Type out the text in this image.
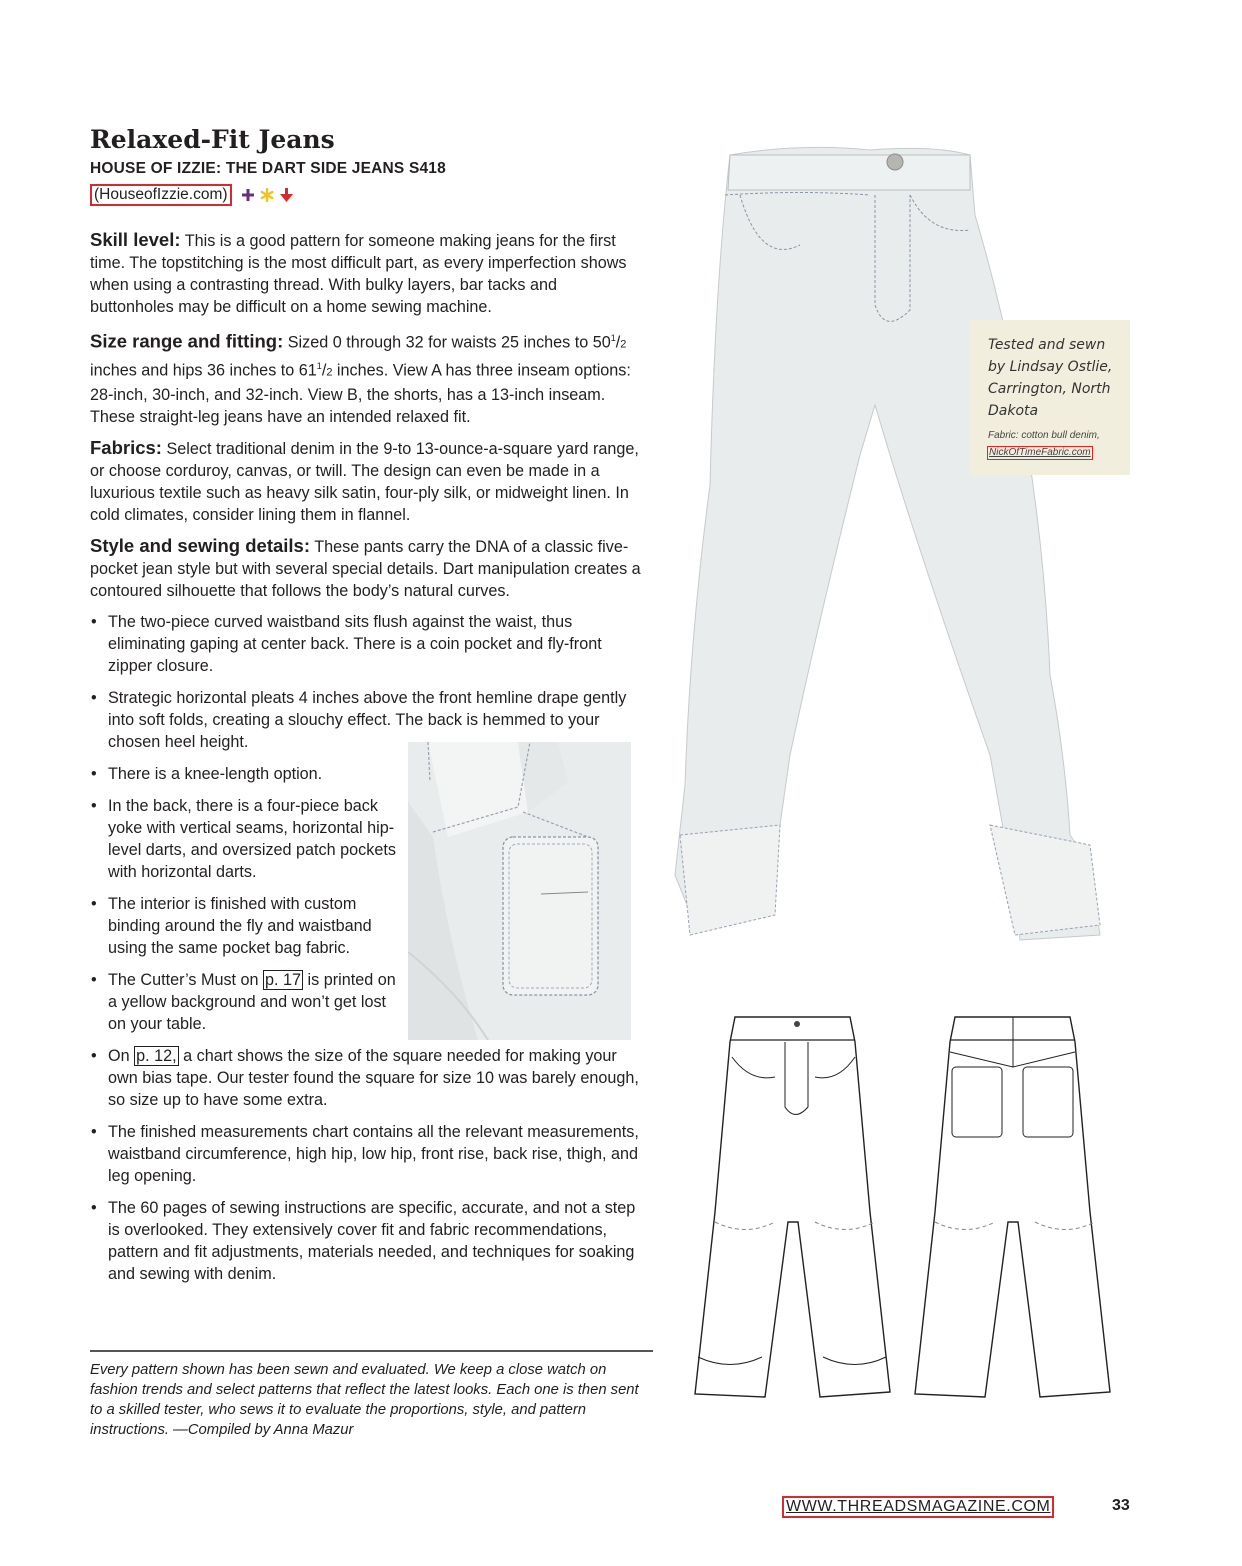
Relaxed-Fit Jeans
HOUSE OF IZZIE: THE DART SIDE JEANS S418
(HouseofIzzie.com)

Skill level: This is a good pattern for someone making jeans for the first time. The topstitching is the most difficult part, as every imperfection shows when using a contrasting thread. With bulky layers, bar tacks and buttonholes may be difficult on a home sewing machine.

Size range and fitting: Sized 0 through 32 for waists 25 inches to $50^1/2$ inches and hips 36 inches to $61^1/2$ inches. View A has three inseam options: 28-inch, 30-inch, and 32-inch. View B, the shorts, has a 13-inch inseam. These straight-leg jeans have an intended relaxed fit.

Fabrics: Select traditional denim in the 9-to 13-ounce-a-square yard range, or choose corduroy, canvas, or twill. The design can even be made in a luxurious textile such as heavy silk satin, four-ply silk, or midweight linen. In cold climates, consider lining them in flannel.

Style and sewing details: These pants carry the DNA of a classic five-pocket jean style but with several special details. Dart manipulation creates a contoured silhouette that follows the body’s natural curves.

• The two-piece curved waistband sits flush against the waist, thus eliminating gaping at center back. There is a coin pocket and fly-front zipper closure.
• Strategic horizontal pleats 4 inches above the front hemline drape gently into soft folds, creating a slouchy effect. The back is hemmed to your chosen heel height.
• There is a knee-length option.
• In the back, there is a four-piece back yoke with vertical seams, horizontal hip-level darts, and oversized patch pockets with horizontal darts.
• The interior is finished with custom binding around the fly and waistband using the same pocket bag fabric.
• The Cutter’s Must on p. 17 is printed on a yellow background and won’t get lost on your table.
• On p. 12, a chart shows the size of the square needed for making your own bias tape. Our tester found the square for size 10 was barely enough, so size up to have some extra.
• The finished measurements chart contains all the relevant measurements, waistband circumference, high hip, low hip, front rise, back rise, thigh, and leg opening.
• The 60 pages of sewing instructions are specific, accurate, and not a step is overlooked. They extensively cover fit and fabric recommendations, pattern and fit adjustments, materials needed, and techniques for soaking and sewing with denim.
Tested and sewn by Lindsay Ostlie, Carrington, North Dakota
Fabric: cotton bull denim,
NickOfTimeFabric.com
Every pattern shown has been sewn and evaluated. We keep a close watch on fashion trends and select patterns that reflect the latest looks. Each one is then sent to a skilled tester, who sews it to evaluate the proportions, style, and pattern instructions. —Compiled by Anna Mazur
WWW.THREADSMAGAZINE.COM	33
